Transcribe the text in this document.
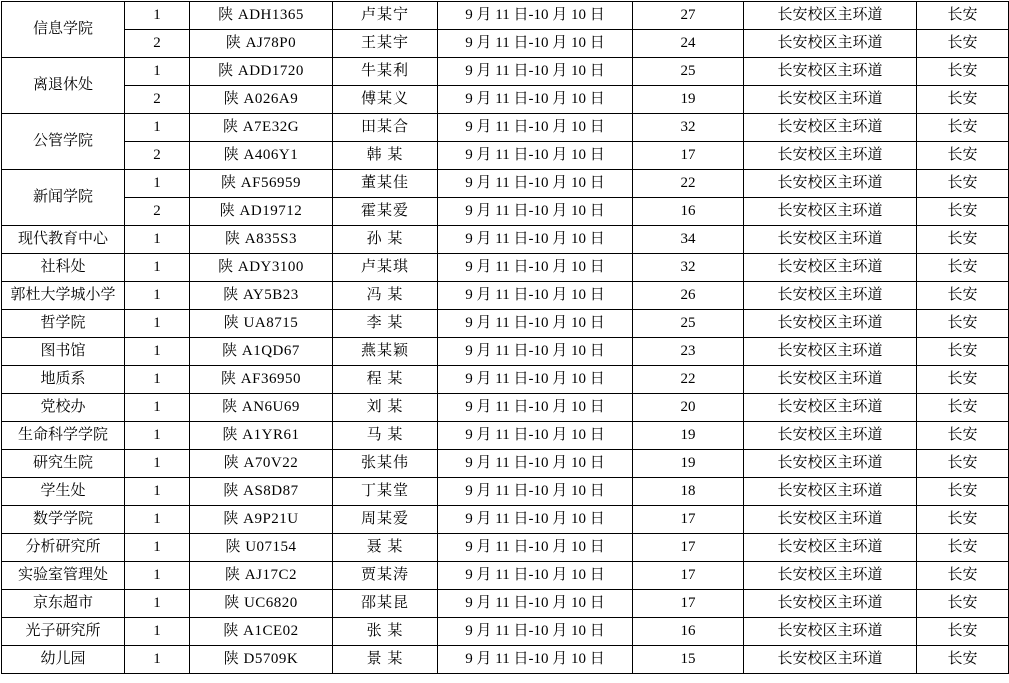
信息学院	1	陕 ADH1365	卢某宁	9 月 11 日-10 月 10 日	27	长安校区主环道	长安
	2	陕 AJ78P0	王某宇	9 月 11 日-10 月 10 日	24	长安校区主环道	长安
离退休处	1	陕 ADD1720	牛某利	9 月 11 日-10 月 10 日	25	长安校区主环道	长安
	2	陕 A026A9	傅某义	9 月 11 日-10 月 10 日	19	长安校区主环道	长安
公管学院	1	陕 A7E32G	田某合	9 月 11 日-10 月 10 日	32	长安校区主环道	长安
	2	陕 A406Y1	韩 某	9 月 11 日-10 月 10 日	17	长安校区主环道	长安
新闻学院	1	陕 AF56959	董某佳	9 月 11 日-10 月 10 日	22	长安校区主环道	长安
	2	陕 AD19712	霍某爱	9 月 11 日-10 月 10 日	16	长安校区主环道	长安
现代教育中心	1	陕 A835S3	孙 某	9 月 11 日-10 月 10 日	34	长安校区主环道	长安
社科处	1	陕 ADY3100	卢某琪	9 月 11 日-10 月 10 日	32	长安校区主环道	长安
郭杜大学城小学	1	陕 AY5B23	冯 某	9 月 11 日-10 月 10 日	26	长安校区主环道	长安
哲学院	1	陕 UA8715	李 某	9 月 11 日-10 月 10 日	25	长安校区主环道	长安
图书馆	1	陕 A1QD67	燕某颖	9 月 11 日-10 月 10 日	23	长安校区主环道	长安
地质系	1	陕 AF36950	程 某	9 月 11 日-10 月 10 日	22	长安校区主环道	长安
党校办	1	陕 AN6U69	刘 某	9 月 11 日-10 月 10 日	20	长安校区主环道	长安
生命科学学院	1	陕 A1YR61	马 某	9 月 11 日-10 月 10 日	19	长安校区主环道	长安
研究生院	1	陕 A70V22	张某伟	9 月 11 日-10 月 10 日	19	长安校区主环道	长安
学生处	1	陕 AS8D87	丁某堂	9 月 11 日-10 月 10 日	18	长安校区主环道	长安
数学学院	1	陕 A9P21U	周某爱	9 月 11 日-10 月 10 日	17	长安校区主环道	长安
分析研究所	1	陕 U07154	聂 某	9 月 11 日-10 月 10 日	17	长安校区主环道	长安
实验室管理处	1	陕 AJ17C2	贾某涛	9 月 11 日-10 月 10 日	17	长安校区主环道	长安
京东超市	1	陕 UC6820	邵某昆	9 月 11 日-10 月 10 日	17	长安校区主环道	长安
光子研究所	1	陕 A1CE02	张 某	9 月 11 日-10 月 10 日	16	长安校区主环道	长安
幼儿园	1	陕 D5709K	景 某	9 月 11 日-10 月 10 日	15	长安校区主环道	长安
